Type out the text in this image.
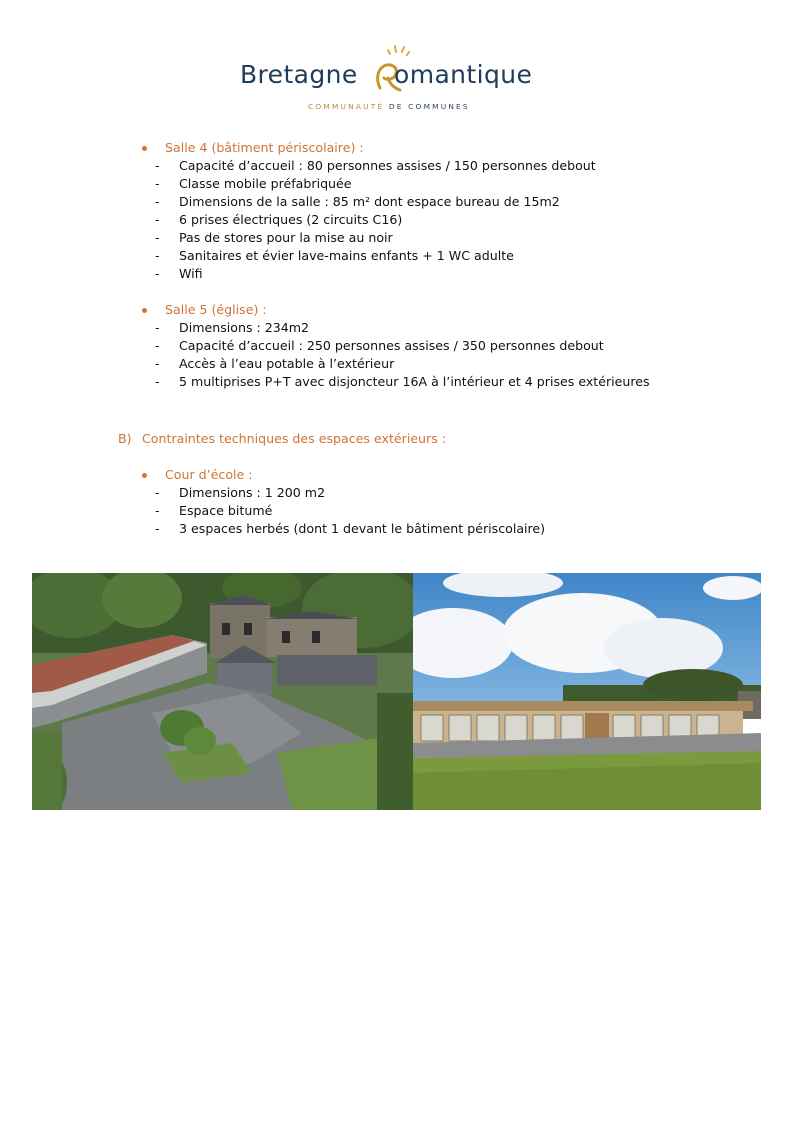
Bretagne omantique
COMMUNAUTÉ DE COMMUNES
Salle 4 (bâtiment périscolaire) :
- Capacité d’accueil : 80 personnes assises / 150 personnes debout
- Classe mobile préfabriquée
- Dimensions de la salle : 85 m² dont espace bureau de 15m2
- 6 prises électriques (2 circuits C16)
- Pas de stores pour la mise au noir
- Sanitaires et évier lave-mains enfants + 1 WC adulte
- Wifi
Salle 5 (église) :
- Dimensions : 234m2
- Capacité d’accueil : 250 personnes assises / 350 personnes debout
- Accès à l’eau potable à l’extérieur
- 5 multiprises P+T avec disjoncteur 16A à l’intérieur et 4 prises extérieures
B) Contraintes techniques des espaces extérieurs :
Cour d’école :
- Dimensions : 1 200 m2
- Espace bitumé
- 3 espaces herbés (dont 1 devant le bâtiment périscolaire)
